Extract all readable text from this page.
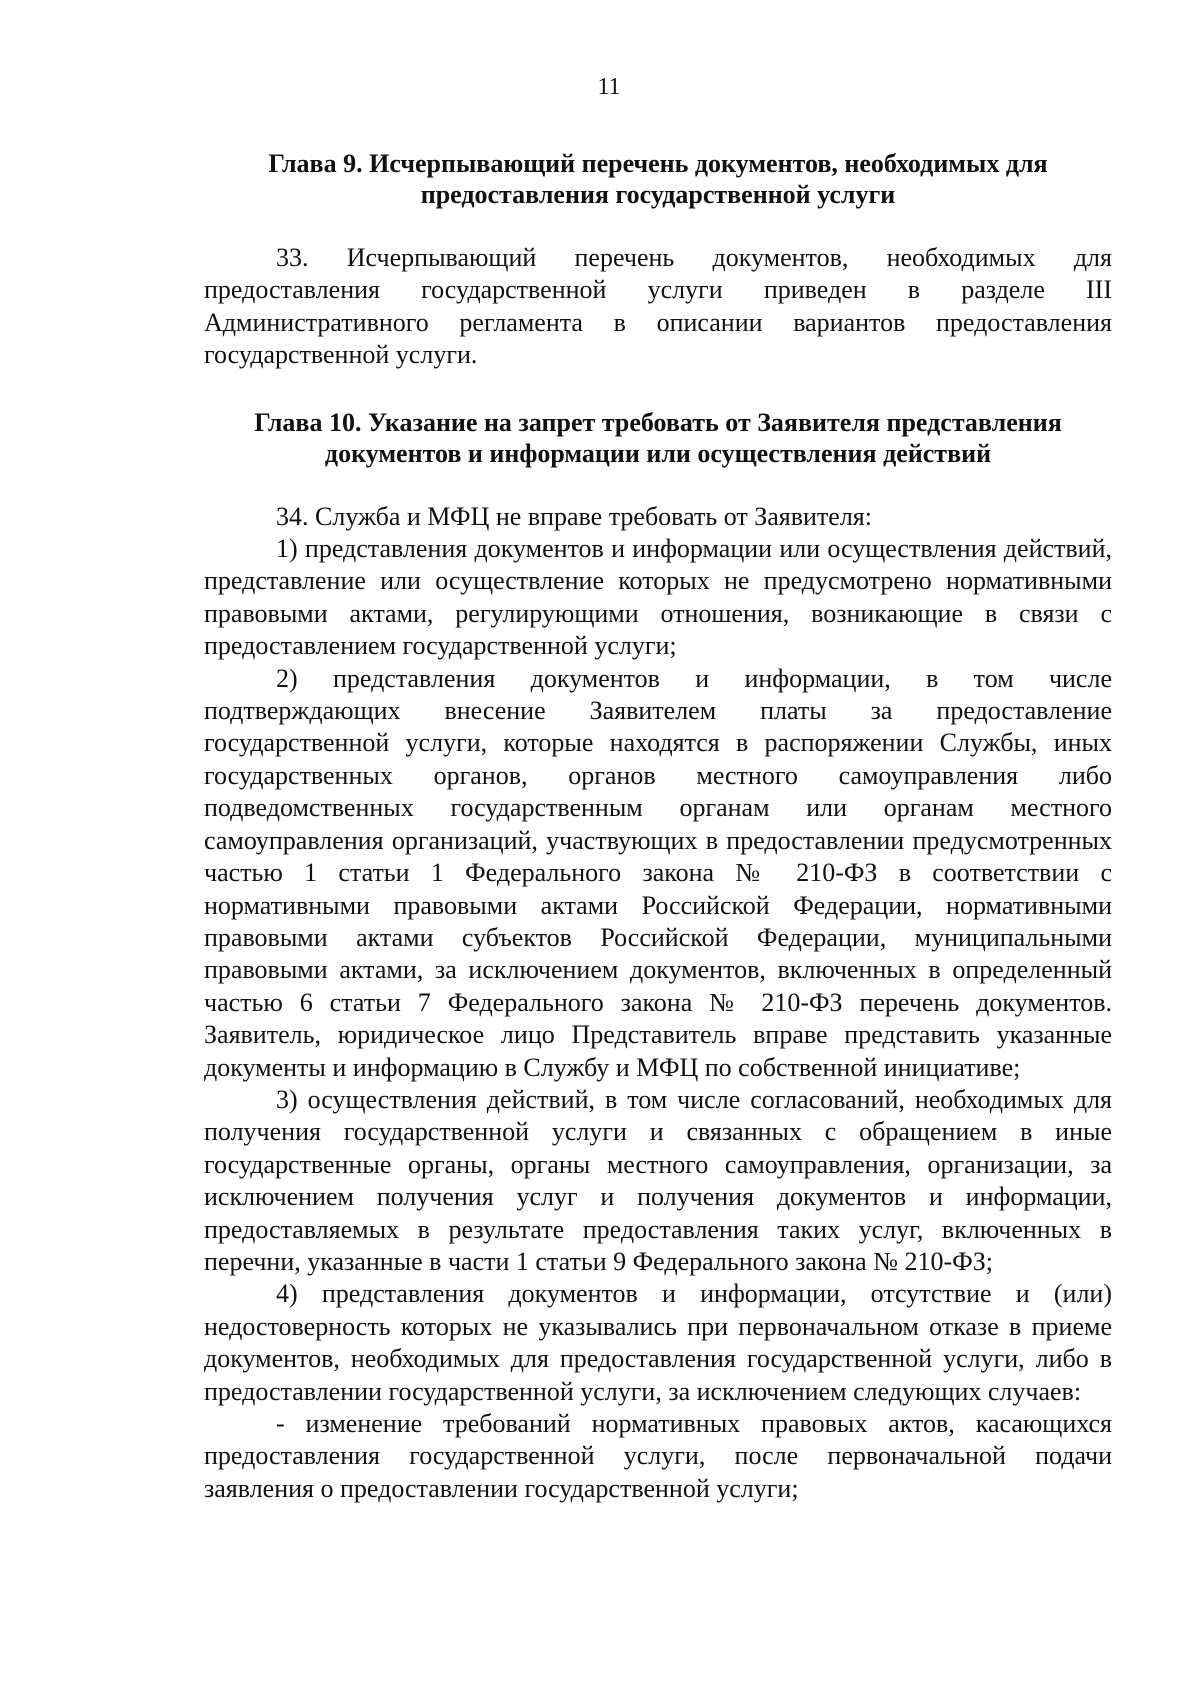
11

Глава 9. Исчерпывающий перечень документов, необходимых для
предоставления государственной услуги

33. Исчерпывающий перечень документов, необходимых для предоставления государственной услуги приведен в разделе III Административного регламента в описании вариантов предоставления государственной услуги.

Глава 10. Указание на запрет требовать от Заявителя представления
документов и информации или осуществления действий

34. Служба и МФЦ не вправе требовать от Заявителя:

1) представления документов и информации или осуществления действий, представление или осуществление которых не предусмотрено нормативными правовыми актами, регулирующими отношения, возникающие в связи с предоставлением государственной услуги;

2) представления документов и информации, в том числе подтверждающих внесение Заявителем платы за предоставление государственной услуги, которые находятся в распоряжении Службы, иных государственных органов, органов местного самоуправления либо подведомственных государственным органам или органам местного самоуправления организаций, участвующих в предоставлении предусмотренных частью 1 статьи 1 Федерального закона № 210-ФЗ в соответствии с нормативными правовыми актами Российской Федерации, нормативными правовыми актами субъектов Российской Федерации, муниципальными правовыми актами, за исключением документов, включенных в определенный частью 6 статьи 7 Федерального закона № 210-ФЗ перечень документов. Заявитель, юридическое лицо Представитель вправе представить указанные документы и информацию в Службу и МФЦ по собственной инициативе;

3) осуществления действий, в том числе согласований, необходимых для получения государственной услуги и связанных с обращением в иные государственные органы, органы местного самоуправления, организации, за исключением получения услуг и получения документов и информации, предоставляемых в результате предоставления таких услуг, включенных в перечни, указанные в части 1 статьи 9 Федерального закона № 210-ФЗ;

4) представления документов и информации, отсутствие и (или) недостоверность которых не указывались при первоначальном отказе в приеме документов, необходимых для предоставления государственной услуги, либо в предоставлении государственной услуги, за исключением следующих случаев:

- изменение требований нормативных правовых актов, касающихся предоставления государственной услуги, после первоначальной подачи заявления о предоставлении государственной услуги;
